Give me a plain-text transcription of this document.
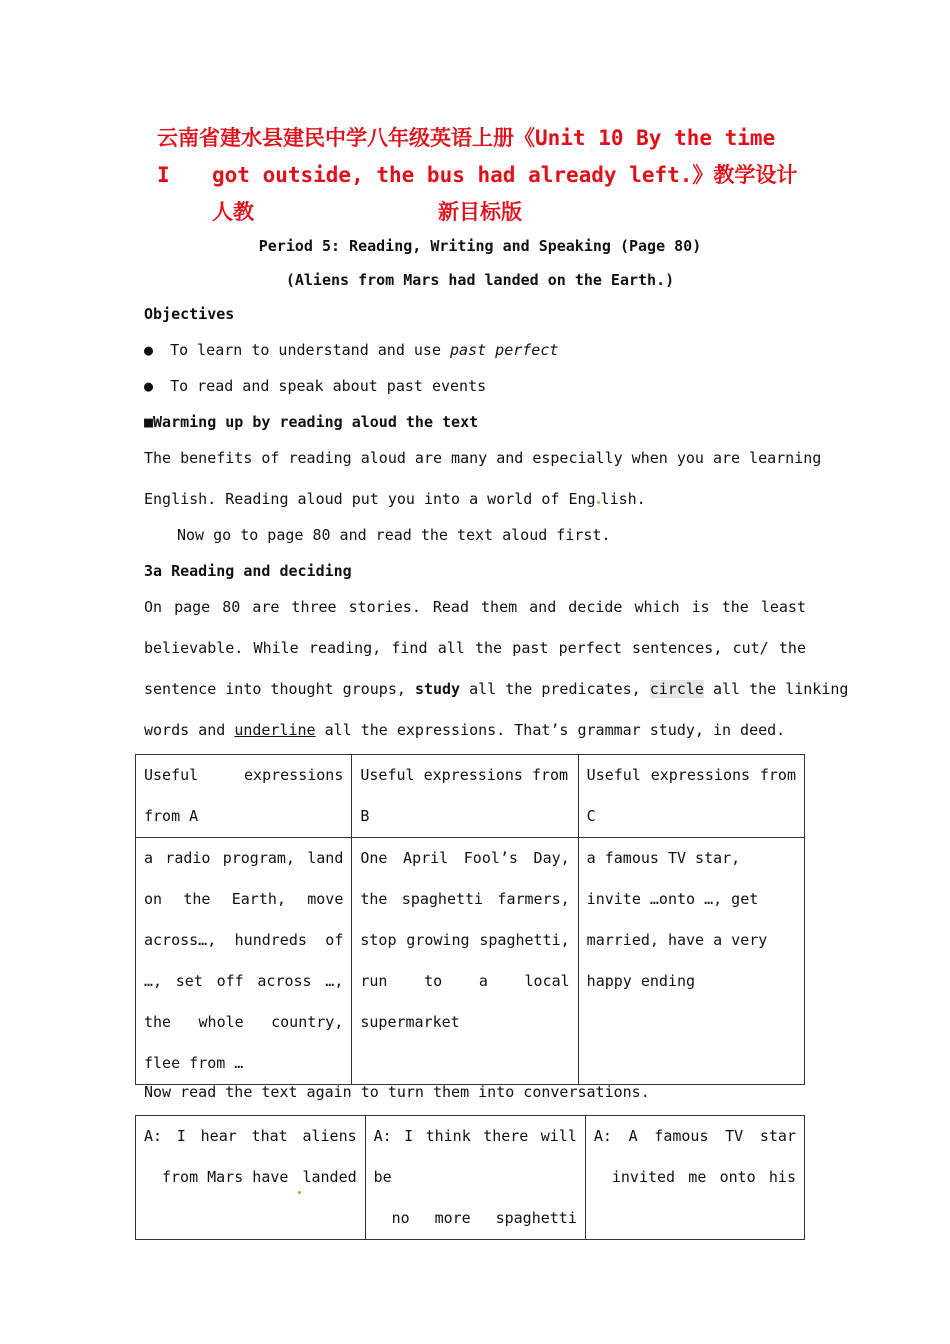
云南省建水县建民中学八年级英语上册《Unit 10 By the time I	got outside, the bus had already left.》教学设计 人教	新目标版
Period 5: Reading, Writing and Speaking (Page 80)
(Aliens from Mars had landed on the Earth.)
Objectives
● To learn to understand and use past perfect
● To read and speak about past events
■Warming up by reading aloud the text
The benefits of reading aloud are many and especially when you are learning
English. Reading aloud put you into a world of Eng lish.
Now go to page 80 and read the text aloud first.
3a Reading and deciding
On page 80 are three stories. Read them and decide which is the least
believable. While reading, find all the past perfect sentences, cut/ the
sentence into thought groups, study all the predicates, circle all the linking
words and underline all the expressions. That’s grammar study, in deed.
Useful expressions from A	Useful expressions from B	Useful expressions from C
a radio program, land on the Earth, move across…, hundreds of …, set off across …, the whole country, flee from …	One April Fool’s Day, the spaghetti farmers, stop growing spaghetti, run to a local supermarket	a famous TV star, invite …onto …, get married, have a very happy ending
Now read the text again to turn them into conversations.
A: I hear that aliens
from Mars have landed

A: I think there will be
no more spaghetti

A: A famous TV star
invited me onto his
